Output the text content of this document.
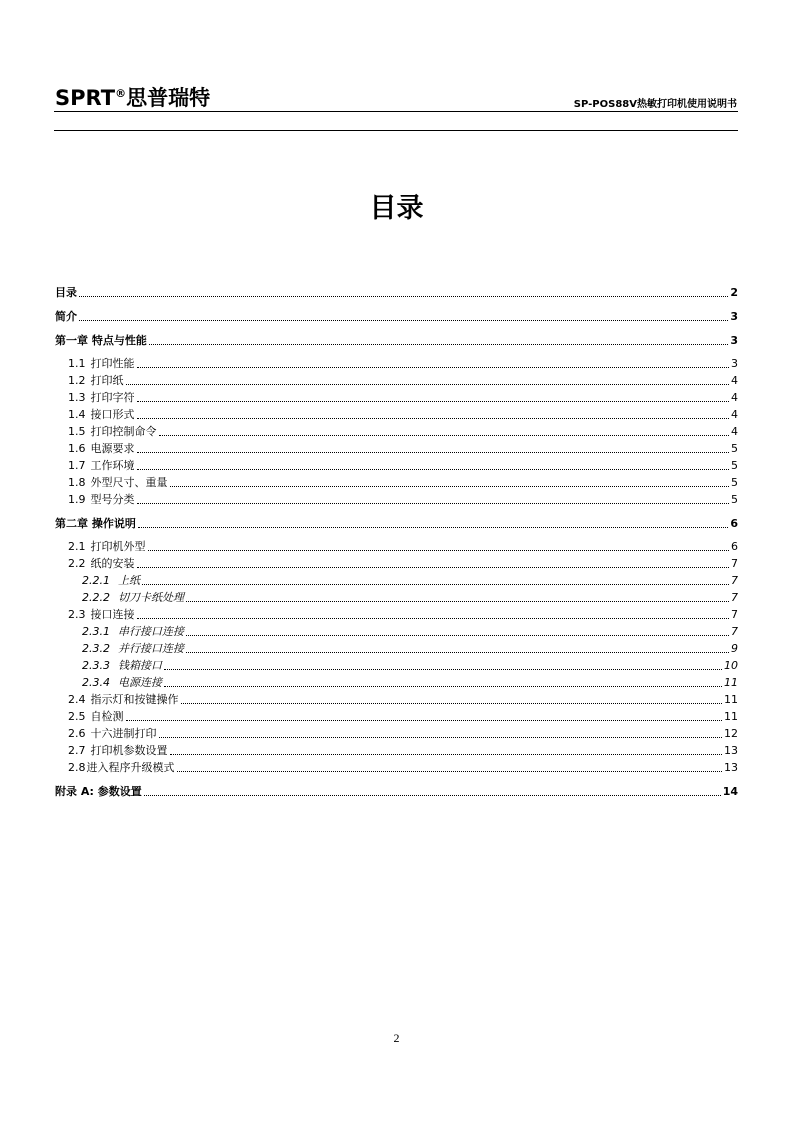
SPRT®思普瑞特	SP-POS88Ⅴ热敏打印机使用说明书
目录
目录	2
简介	3
第一章 特点与性能	3
1.1 打印性能	3
1.2 打印纸	4
1.3 打印字符	4
1.4 接口形式	4
1.5 打印控制命令	4
1.6 电源要求	5
1.7 工作环境	5
1.8 外型尺寸、重量	5
1.9 型号分类	5
第二章 操作说明	6
2.1 打印机外型	6
2.2 纸的安装	7
2.2.1 上纸	7
2.2.2 切刀卡纸处理	7
2.3 接口连接	7
2.3.1 串行接口连接	7
2.3.2 并行接口连接	9
2.3.3 钱箱接口	10
2.3.4 电源连接	11
2.4 指示灯和按键操作	11
2.5 自检测	11
2.6 十六进制打印	12
2.7 打印机参数设置	13
2.8进入程序升级模式	13
附录 A: 参数设置	14
2
